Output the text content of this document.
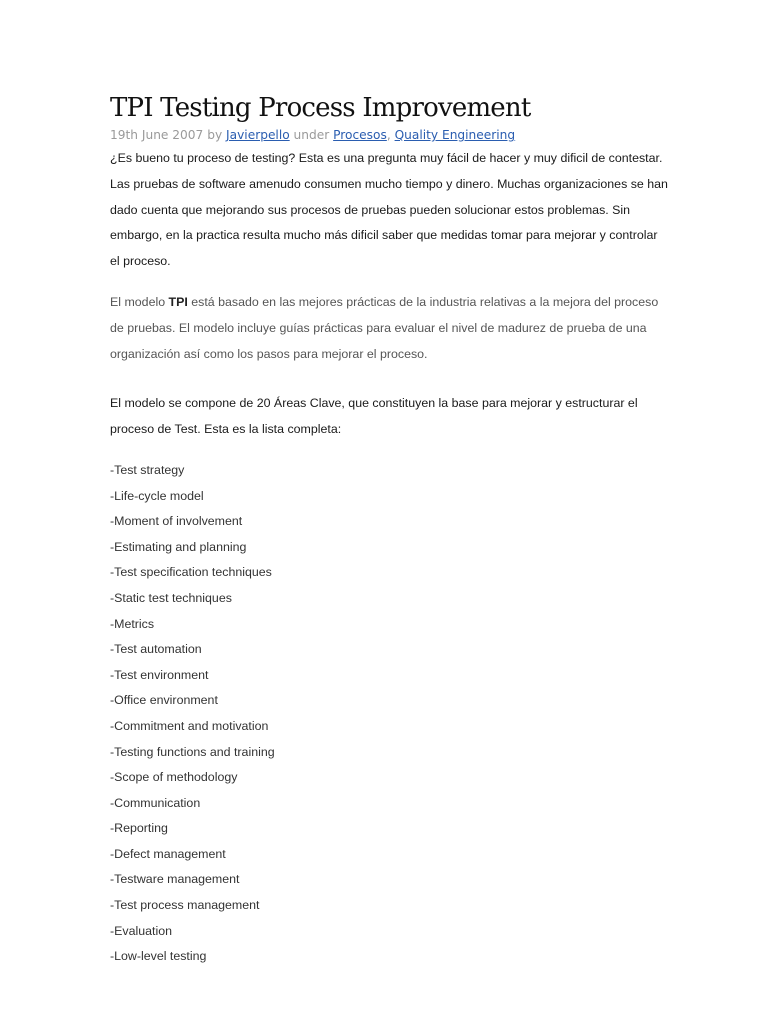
TPI Testing Process Improvement
19th June 2007 by Javierpello under Procesos, Quality Engineering

¿Es bueno tu proceso de testing? Esta es una pregunta muy fácil de hacer y muy dificil de contestar. Las pruebas de software amenudo consumen mucho tiempo y dinero. Muchas organizaciones se han dado cuenta que mejorando sus procesos de pruebas pueden solucionar estos problemas. Sin embargo, en la practica resulta mucho más dificil saber que medidas tomar para mejorar y controlar el proceso.

El modelo TPI está basado en las mejores prácticas de la industria relativas a la mejora del proceso de pruebas. El modelo incluye guías prácticas para evaluar el nivel de madurez de prueba de una organización así como los pasos para mejorar el proceso.

El modelo se compone de 20 Áreas Clave, que constituyen la base para mejorar y estructurar el proceso de Test. Esta es la lista completa:

-Test strategy
-Life-cycle model
-Moment of involvement
-Estimating and planning
-Test specification techniques
-Static test techniques
-Metrics
-Test automation
-Test environment
-Office environment
-Commitment and motivation
-Testing functions and training
-Scope of methodology
-Communication
-Reporting
-Defect management
-Testware management
-Test process management
-Evaluation
-Low-level testing
